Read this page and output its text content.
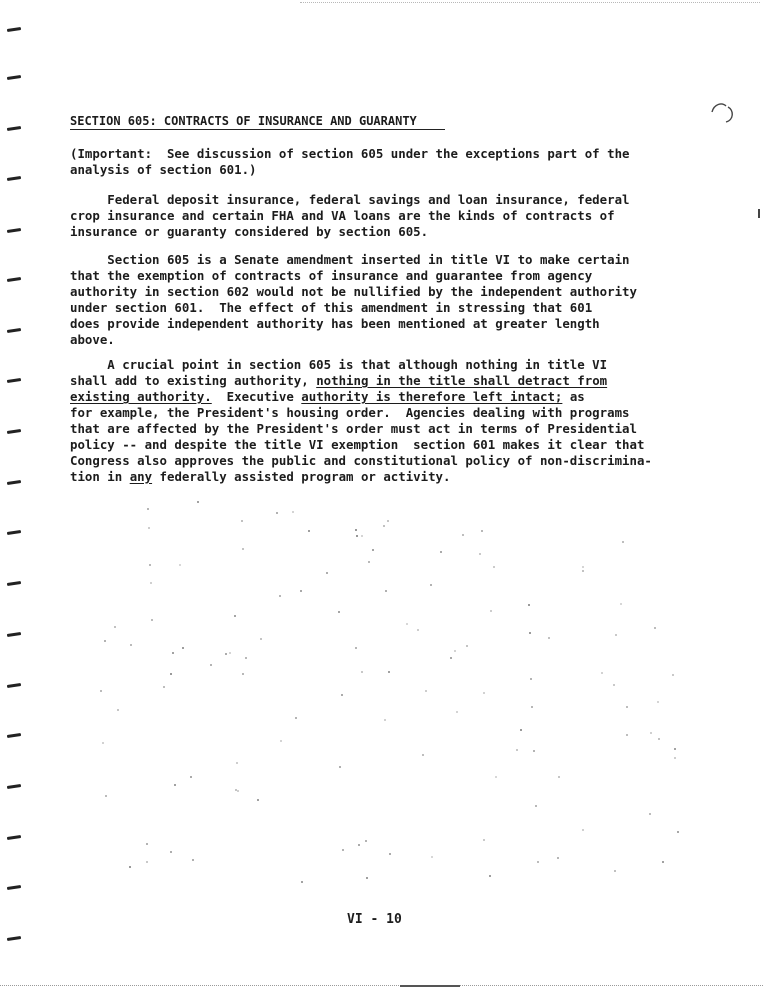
SECTION 605: CONTRACTS OF INSURANCE AND GUARANTY
(Important:  See discussion of section 605 under the exceptions part of the
analysis of section 601.)
Federal deposit insurance, federal savings and loan insurance, federal
crop insurance and certain FHA and VA loans are the kinds of contracts of
insurance or guaranty considered by section 605.
Section 605 is a Senate amendment inserted in title VI to make certain
that the exemption of contracts of insurance and guarantee from agency
authority in section 602 would not be nullified by the independent authority
under section 601.  The effect of this amendment in stressing that 601
does provide independent authority has been mentioned at greater length
above.
A crucial point in section 605 is that although nothing in title VI
shall add to existing authority, nothing in the title shall detract from
existing authority.  Executive authority is therefore left intact; as
for example, the President's housing order.  Agencies dealing with programs
that are affected by the President's order must act in terms of Presidential
policy -- and despite the title VI exemption  section 601 makes it clear that
Congress also approves the public and constitutional policy of non-discrimina-
tion in any federally assisted program or activity.
VI - 10
